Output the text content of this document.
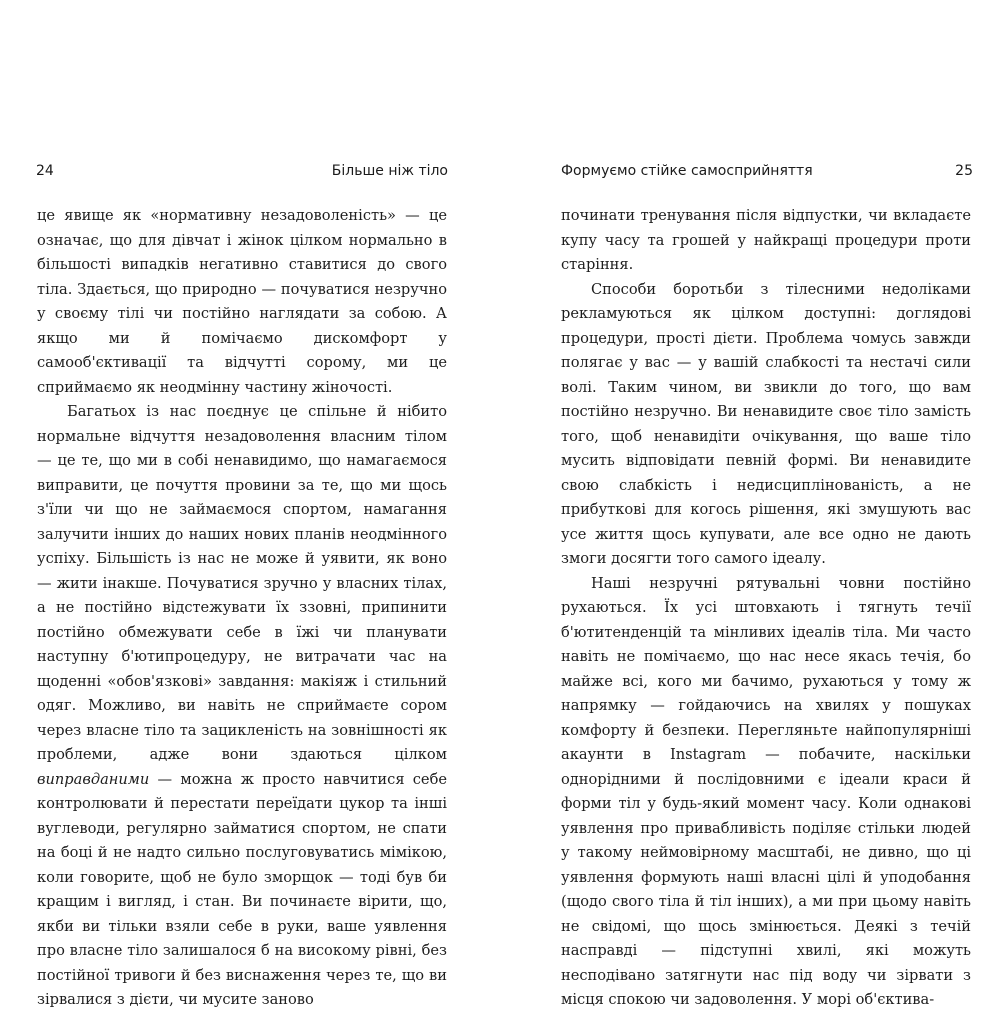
24	Більше ніж тіло

це явище як «нормативну незадоволеність» — це означає, що для дівчат і жінок цілком нормально в більшості випадків негативно ставитися до свого тіла. Здається, що природно — почуватися незручно у своєму тілі чи постійно наглядати за собою. А якщо ми й помічаємо дискомфорт у самооб'єктивації та відчутті сорому, ми це сприймаємо як неодмінну частину жіночості.

Багатьох із нас поєднує це спільне й нібито нормальне відчуття незадоволення власним тілом — це те, що ми в собі ненавидимо, що намагаємося виправити, це почуття провини за те, що ми щось з'їли чи що не займаємося спортом, намагання залучити інших до наших нових планів неодмінного успіху. Більшість із нас не може й уявити, як воно — жити інакше. Почуватися зручно у власних тілах, а не постійно відстежувати їх ззовні, припинити постійно обмежувати себе в їжі чи планувати наступну б'ютипроцедуру, не витрачати час на щоденні «обов'язкові» завдання: макіяж і стильний одяг. Можливо, ви навіть не сприймаєте сором через власне тіло та зацикленість на зовнішності як проблеми, адже вони здаються цілком виправданими — можна ж просто навчитися себе контролювати й перестати переїдати цукор та інші вуглеводи, регулярно займатися спортом, не спати на боці й не надто сильно послуговуватись мімікою, коли говорите, щоб не було зморщок — тоді був би кращим і вигляд, і стан. Ви починаєте вірити, що, якби ви тільки взяли себе в руки, ваше уявлення про власне тіло залишалося б на високому рівні, без постійної тривоги й без виснаження через те, що ви зірвалися з дієти, чи мусите заново

Формуємо стійке самосприйняття	25

починати тренування після відпустки, чи вкладаєте купу часу та грошей у найкращі процедури проти старіння.

Способи боротьби з тілесними недоліками рекламуються як цілком доступні: доглядові процедури, прості дієти. Проблема чомусь завжди полягає у вас — у вашій слабкості та нестачі сили волі. Таким чином, ви звикли до того, що вам постійно незручно. Ви ненавидите своє тіло замість того, щоб ненавидіти очікування, що ваше тіло мусить відповідати певній формі. Ви ненавидите свою слабкість і недисциплінованість, а не прибуткові для когось рішення, які змушують вас усе життя щось купувати, але все одно не дають змоги досягти того самого ідеалу.

Наші незручні рятувальні човни постійно рухаються. Їх усі штовхають і тягнуть течії б'ютитенденцій та мінливих ідеалів тіла. Ми часто навіть не помічаємо, що нас несе якась течія, бо майже всі, кого ми бачимо, рухаються у тому ж напрямку — гойдаючись на хвилях у пошуках комфорту й безпеки. Перегляньте найпопулярніші акаунти в Instagram — побачите, наскільки однорідними й послідовними є ідеали краси й форми тіл у будь-який момент часу. Коли однакові уявлення про привабливість поділяє стільки людей у такому неймовірному масштабі, не дивно, що ці уявлення формують наші власні цілі й уподобання (щодо свого тіла й тіл інших), а ми при цьому навіть не свідомі, що щось змінюється. Деякі з течій насправді — підступні хвилі, які можуть несподівано затягнути нас під воду чи зірвати з місця спокою чи задоволення. У морі об'єктива-
